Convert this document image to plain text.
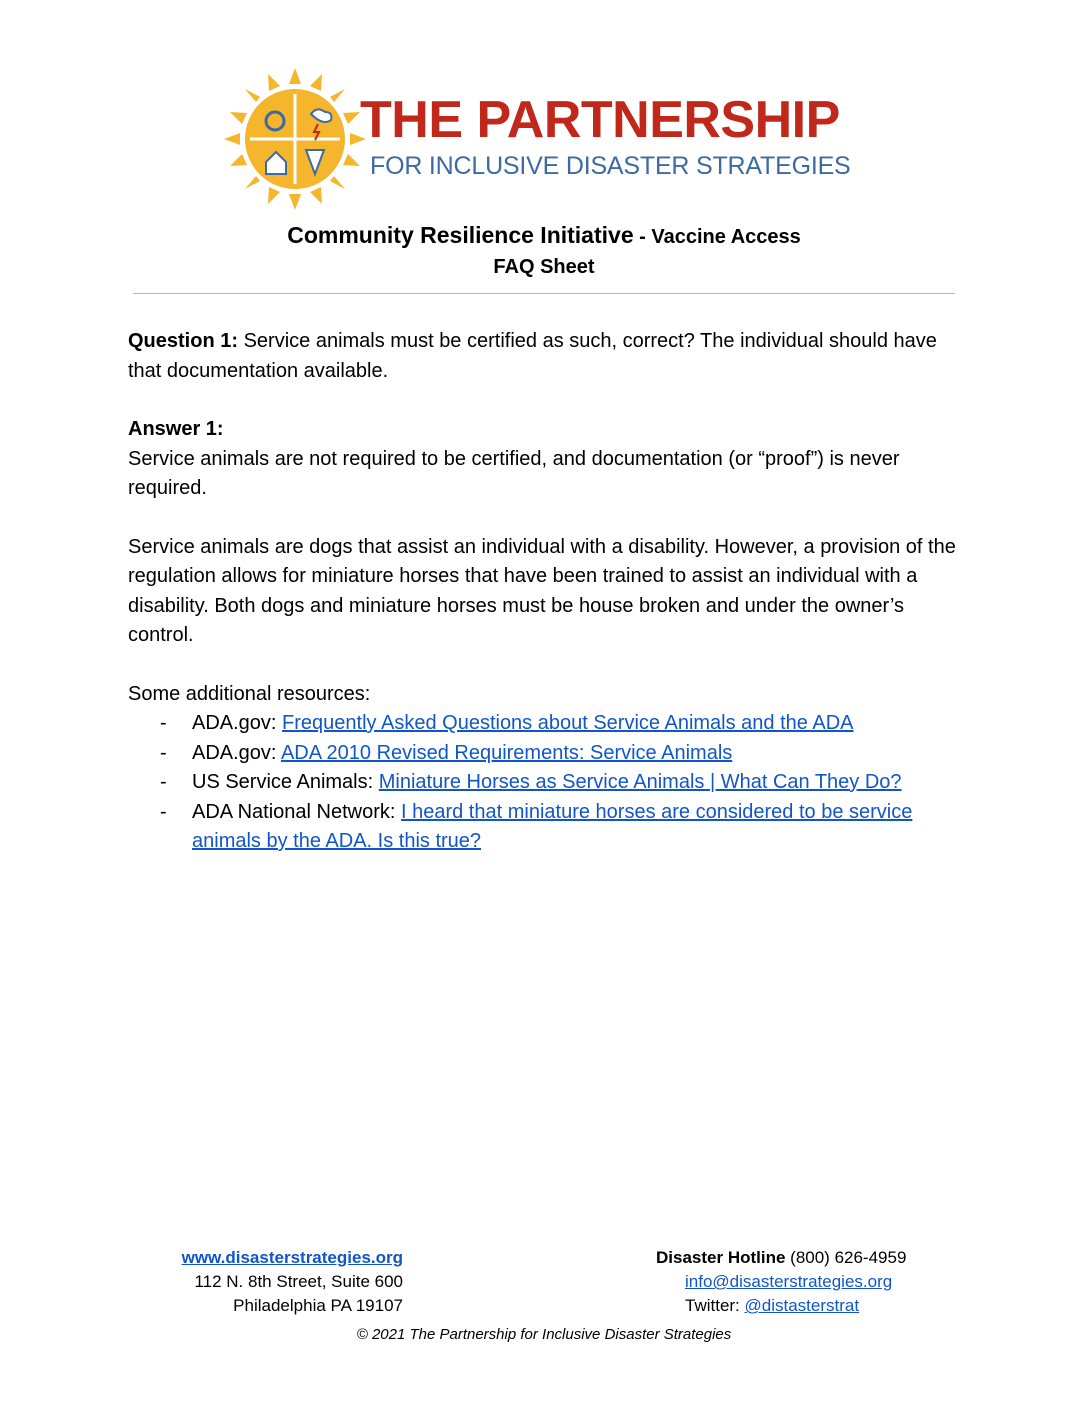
THE PARTNERSHIP
FOR INCLUSIVE DISASTER STRATEGIES
Community Resilience Initiative - Vaccine Access
FAQ Sheet

Question 1: Service animals must be certified as such, correct? The individual should have that documentation available.

Answer 1:

Service animals are not required to be certified, and documentation (or “proof”) is never required.

Service animals are dogs that assist an individual with a disability. However, a provision of the regulation allows for miniature horses that have been trained to assist an individual with a disability. Both dogs and miniature horses must be house broken and under the owner’s control.

Some additional resources:

- ADA.gov: Frequently Asked Questions about Service Animals and the ADA
- ADA.gov: ADA 2010 Revised Requirements: Service Animals
- US Service Animals: Miniature Horses as Service Animals | What Can They Do?
- ADA National Network: I heard that miniature horses are considered to be service animals by the ADA. Is this true?
www.disasterstrategies.org
112 N. 8th Street, Suite 600
Philadelphia PA 19107
Disaster Hotline (800) 626-4959
info@disasterstrategies.org
Twitter: @distasterstrat
© 2021 The Partnership for Inclusive Disaster Strategies
